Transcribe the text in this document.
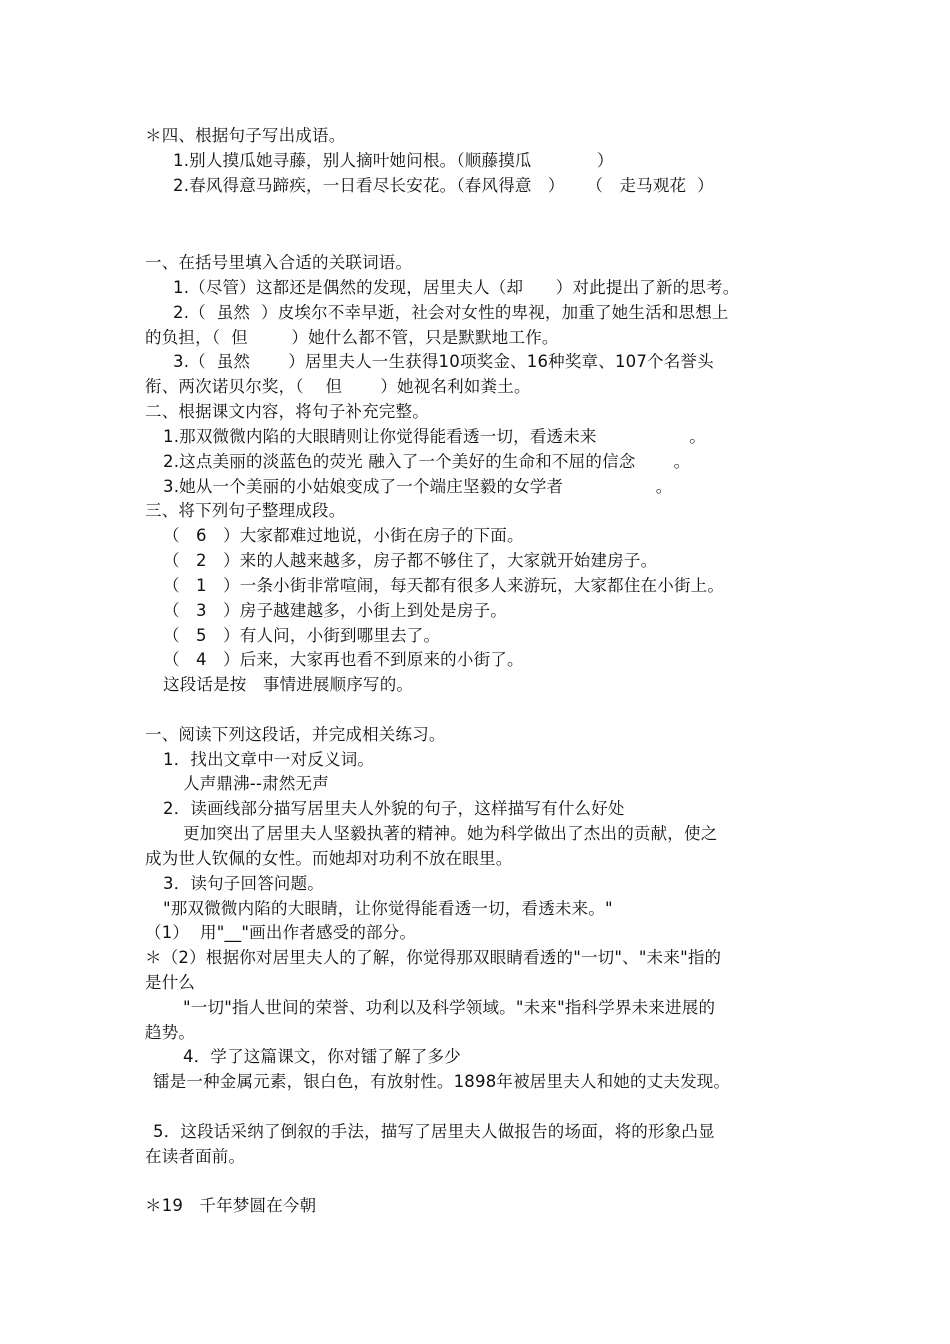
＊四、根据句子写出成语。
1.别人摸瓜她寻藤，别人摘叶她问根。（顺藤摸瓜            ）
2.春风得意马蹄疾，一日看尽长安花。（春风得意   ）    （   走马观花  ）
一、在括号里填入合适的关联词语。
1.（尽管）这都还是偶然的发现，居里夫人（却      ）对此提出了新的思考。
2.（  虽然  ）皮埃尔不幸早逝，社会对女性的卑视，加重了她生活和思想上
的负担，（  但        ）她什么都不管，只是默默地工作。
3.（  虽然       ）居里夫人一生获得10项奖金、16种奖章、107个名誉头
衔、两次诺贝尔奖，（    但       ）她视名利如粪土。
二、根据课文内容，将句子补充完整。
1.那双微微内陷的大眼睛则让你觉得能看透一切，看透未来                 。
2.这点美丽的淡蓝色的荧光 融入了一个美好的生命和不屈的信念       。
3.她从一个美丽的小姑娘变成了一个端庄坚毅的女学者                 。
三、将下列句子整理成段。
（   6   ）大家都难过地说，小街在房子的下面。
（   2   ）来的人越来越多，房子都不够住了，大家就开始建房子。
（   1   ）一条小街非常喧闹，每天都有很多人来游玩，大家都住在小街上。
（   3   ）房子越建越多，小街上到处是房子。
（   5   ）有人问，小街到哪里去了。
（   4   ）后来，大家再也看不到原来的小街了。
这段话是按   事情进展顺序写的。
一、阅读下列这段话，并完成相关练习。
1．找出文章中一对反义词。
人声鼎沸--肃然无声
2．读画线部分描写居里夫人外貌的句子，这样描写有什么好处
更加突出了居里夫人坚毅执著的精神。她为科学做出了杰出的贡献，使之
成为世人钦佩的女性。而她却对功利不放在眼里。
3．读句子回答问题。
"那双微微内陷的大眼睛，让你觉得能看透一切，看透未来。"
（1）  用"__"画出作者感受的部分。
＊（2）根据你对居里夫人的了解，你觉得那双眼睛看透的"一切"、"未来"指的
是什么
"一切"指人世间的荣誉、功利以及科学领域。"未来"指科学界未来进展的
趋势。
4．学了这篇课文，你对镭了解了多少
镭是一种金属元素，银白色，有放射性。1898年被居里夫人和她的丈夫发现。
5．这段话采纳了倒叙的手法，描写了居里夫人做报告的场面，将的形象凸显
在读者面前。
＊19   千年梦圆在今朝
